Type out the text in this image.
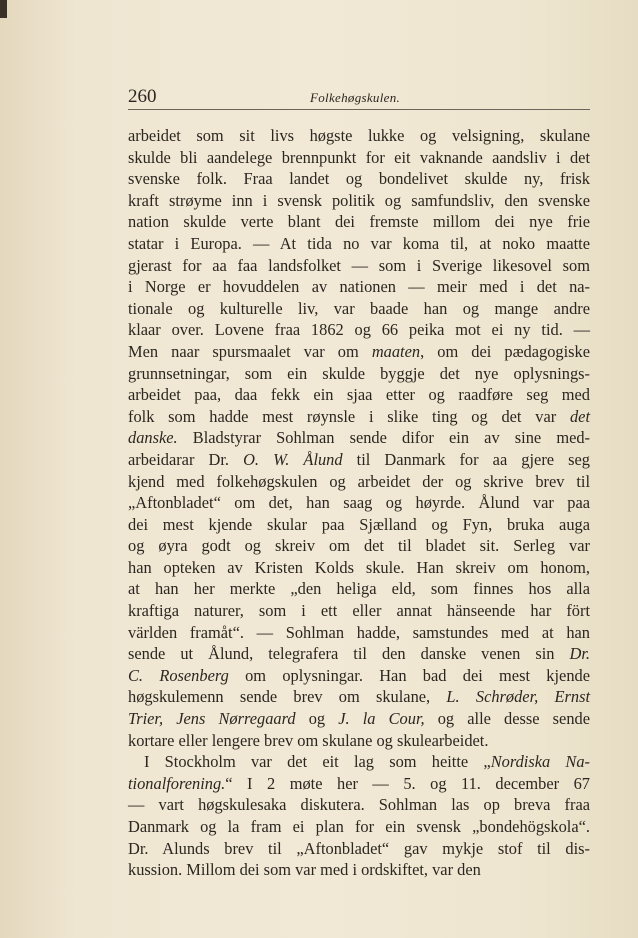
260	Folkehøgskulen.
arbeidet som sit livs høgste lukke og velsigning, skulane
skulde bli aandelege brennpunkt for eit vaknande aandsliv i det
svenske folk. Fraa landet og bondelivet skulde ny, frisk
kraft strøyme inn i svensk politik og samfundsliv, den svenske
nation skulde verte blant dei fremste millom dei nye frie
statar i Europa. — At tida no var koma til, at noko maatte
gjerast for aa faa landsfolket — som i Sverige likesovel som
i Norge er hovuddelen av nationen — meir med i det na-
tionale og kulturelle liv, var baade han og mange andre
klaar over. Lovene fraa 1862 og 66 peika mot ei ny tid. —
Men naar spursmaalet var om maaten, om dei pædagogiske
grunnsetningar, som ein skulde byggje det nye oplysnings-
arbeidet paa, daa fekk ein sjaa etter og raadføre seg med
folk som hadde mest røynsle i slike ting og det var det
danske. Bladstyrar Sohlman sende difor ein av sine med-
arbeidarar Dr. O. W. Ålund til Danmark for aa gjere seg
kjend med folkehøgskulen og arbeidet der og skrive brev til
„Aftonbladet“ om det, han saag og høyrde. Ålund var paa
dei mest kjende skular paa Sjælland og Fyn, bruka auga
og øyra godt og skreiv om det til bladet sit. Serleg var
han opteken av Kristen Kolds skule. Han skreiv om honom,
at han her merkte „den heliga eld, som finnes hos alla
kraftiga naturer, som i ett eller annat hänseende har fört
världen framåt“. — Sohlman hadde, samstundes med at han
sende ut Ålund, telegrafera til den danske venen sin Dr.
C. Rosenberg om oplysningar. Han bad dei mest kjende
høgskulemenn sende brev om skulane, L. Schrøder, Ernst
Trier, Jens Nørregaard og J. la Cour, og alle desse sende
kortare eller lengere brev om skulane og skulearbeidet.
I Stockholm var det eit lag som heitte „Nordiska Na-
tionalforening.“ I 2 møte her — 5. og 11. december 67
— vart høgskulesaka diskutera. Sohlman las op breva fraa
Danmark og la fram ei plan for ein svensk „bondehögskola“.
Dr. Alunds brev til „Aftonbladet“ gav mykje stof til dis-
kussion. Millom dei som var med i ordskiftet, var den
